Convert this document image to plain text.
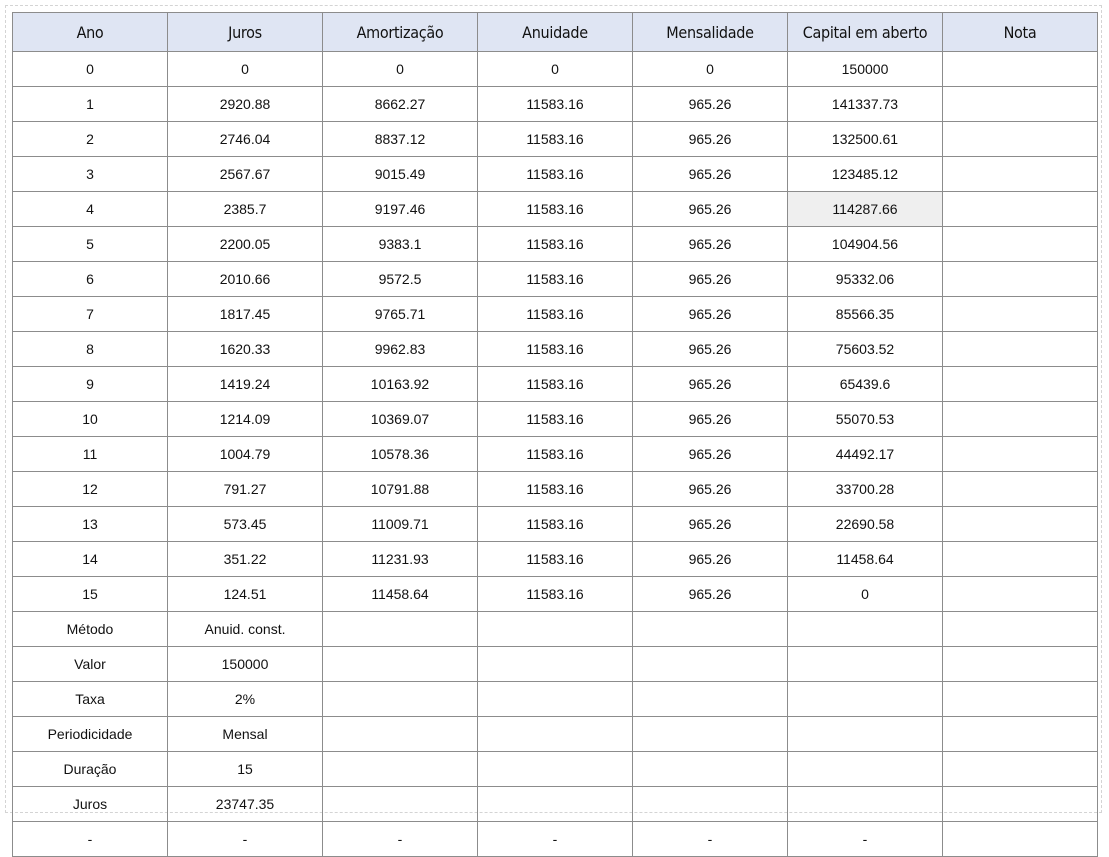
Ano	Juros	Amortização	Anuidade	Mensalidade	Capital em aberto	Nota
0	0	0	0	0	150000	
1	2920.88	8662.27	11583.16	965.26	141337.73	
2	2746.04	8837.12	11583.16	965.26	132500.61	
3	2567.67	9015.49	11583.16	965.26	123485.12	
4	2385.7	9197.46	11583.16	965.26	114287.66	
5	2200.05	9383.1	11583.16	965.26	104904.56	
6	2010.66	9572.5	11583.16	965.26	95332.06	
7	1817.45	9765.71	11583.16	965.26	85566.35	
8	1620.33	9962.83	11583.16	965.26	75603.52	
9	1419.24	10163.92	11583.16	965.26	65439.6	
10	1214.09	10369.07	11583.16	965.26	55070.53	
11	1004.79	10578.36	11583.16	965.26	44492.17	
12	791.27	10791.88	11583.16	965.26	33700.28	
13	573.45	11009.71	11583.16	965.26	22690.58	
14	351.22	11231.93	11583.16	965.26	11458.64	
15	124.51	11458.64	11583.16	965.26	0	
Método	Anuid. const.					
Valor	150000					
Taxa	2%					
Periodicidade	Mensal					
Duração	15					
Juros	23747.35					
-	-	-	-	-	-	
